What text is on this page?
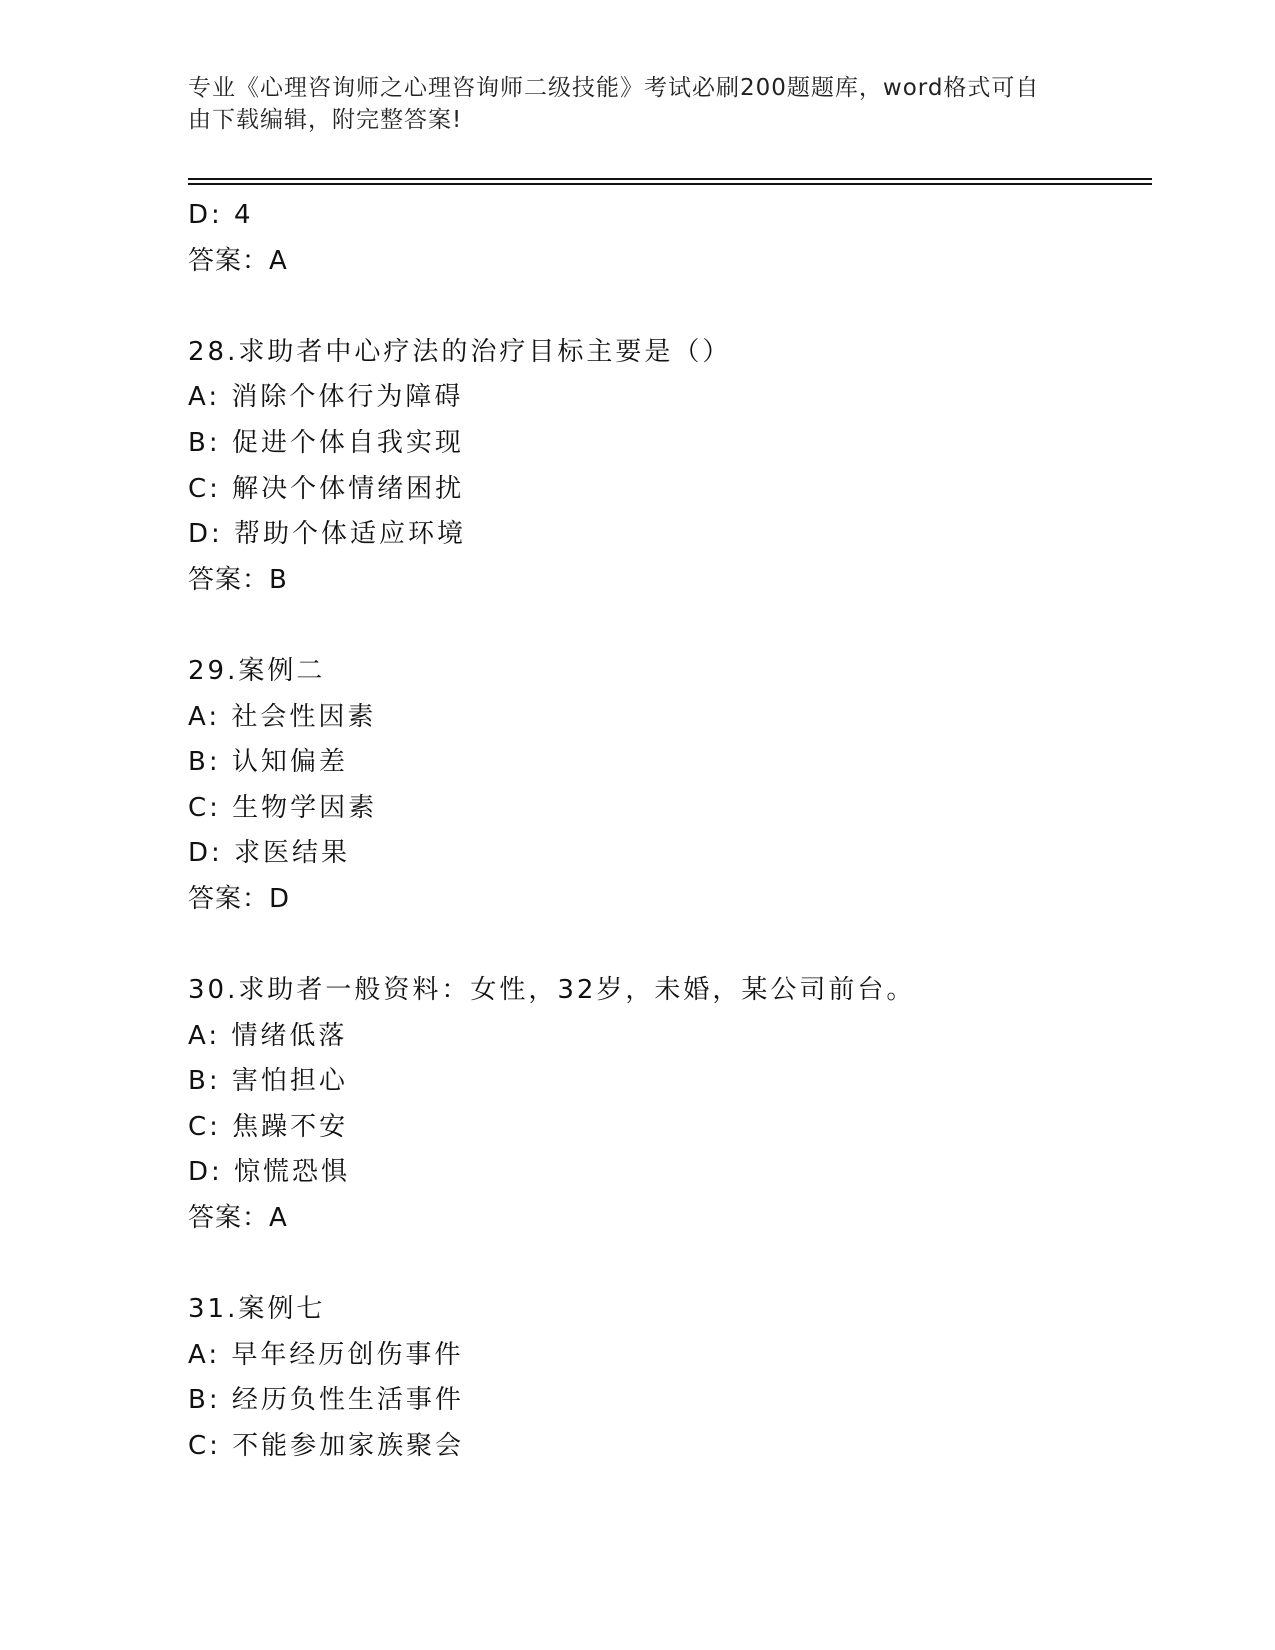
专业《心理咨询师之心理咨询师二级技能》考试必刷200题题库，word格式可自
由下载编辑，附完整答案!
D: 4
答案：A
28.求助者中心疗法的治疗目标主要是（）
A: 消除个体行为障碍
B: 促进个体自我实现
C: 解决个体情绪困扰
D: 帮助个体适应环境
答案：B
29.案例二
A: 社会性因素
B: 认知偏差
C: 生物学因素
D: 求医结果
答案：D
30.求助者一般资料：女性，32岁，未婚，某公司前台。
A: 情绪低落
B: 害怕担心
C: 焦躁不安
D: 惊慌恐惧
答案：A
31.案例七
A: 早年经历创伤事件
B: 经历负性生活事件
C: 不能参加家族聚会
